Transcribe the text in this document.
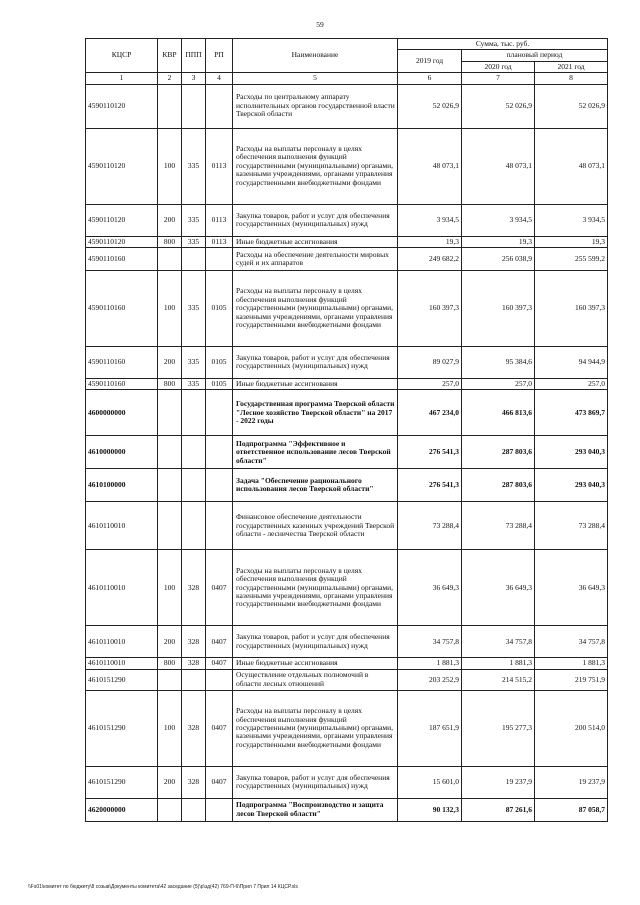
59
КЦСР	КВР	ППП	РП	Наименование	Сумма, тыс. руб.		
					2019 год	плановый период	
						2020 год	2021 год
1	2	3	4	5	6	7	8
4590110120				Расходы по центральному аппарату исполнительных органов государственной власти Тверской области	52 026,9	52 026,9	52 026,9
4590110120	100	335	0113	Расходы на выплаты персоналу в целях обеспечения выполнения функций государственными (муниципальными) органами, казенными учреждениями, органами управления государственными внебюджетными фондами	48 073,1	48 073,1	48 073,1
4590110120	200	335	0113	Закупка товаров, работ и услуг для обеспечения государственных (муниципальных) нужд	3 934,5	3 934,5	3 934,5
4590110120	800	335	0113	Иные бюджетные ассигнования	19,3	19,3	19,3
4590110160				Расходы на обеспечение деятельности мировых судей и их аппаратов	249 682,2	256 038,9	255 599,2
4590110160	100	335	0105	Расходы на выплаты персоналу в целях обеспечения выполнения функций государственными (муниципальными) органами, казенными учреждениями, органами управления государственными внебюджетными фондами	160 397,3	160 397,3	160 397,3
4590110160	200	335	0105	Закупка товаров, работ и услуг для обеспечения государственных (муниципальных) нужд	89 027,9	95 384,6	94 944,9
4590110160	800	335	0105	Иные бюджетные ассигнования	257,0	257,0	257,0
4600000000				Государственная программа Тверской области "Лесное хозяйство Тверской области" на 2017 - 2022 годы	467 234,0	466 813,6	473 869,7
4610000000				Подпрограмма "Эффективное и ответственное использование лесов Тверской области"	276 541,3	287 803,6	293 040,3
4610100000				Задача "Обеспечение рационального использования лесов Тверской области"	276 541,3	287 803,6	293 040,3
4610110010				Финансовое обеспечение деятельности государственных казенных учреждений Тверской области - лесничества Тверской области	73 288,4	73 288,4	73 288,4
4610110010	100	328	0407	Расходы на выплаты персоналу в целях обеспечения выполнения функций государственными (муниципальными) органами, казенными учреждениями, органами управления государственными внебюджетными фондами	36 649,3	36 649,3	36 649,3
4610110010	200	328	0407	Закупка товаров, работ и услуг для обеспечения государственных (муниципальных) нужд	34 757,8	34 757,8	34 757,8
4610110010	800	328	0407	Иные бюджетные ассигнования	1 881,3	1 881,3	1 881,3
4610151290				Осуществление отдельных полномочий в области лесных отношений	203 252,9	214 515,2	219 751,9
4610151290	100	328	0407	Расходы на выплаты персоналу в целях обеспечения выполнения функций государственными (муниципальными) органами, казенными учреждениями, органами управления государственными внебюджетными фондами	187 651,9	195 277,3	200 514,0
4610151290	200	328	0407	Закупка товаров, работ и услуг для обеспечения государственных (муниципальных) нужд	15 601,0	19 237,9	19 237,9
4620000000				Подпрограмма "Воспроизводство и защита лесов Тверской области"	90 132,3	87 261,6	87 058,7
\\Fs01\комитет по бюджету\8 созыв\Документы комитета\42 заседание (5)\р\зд(42) 769-П-6\Прил 7 Прил 14 КЦСР.xls
